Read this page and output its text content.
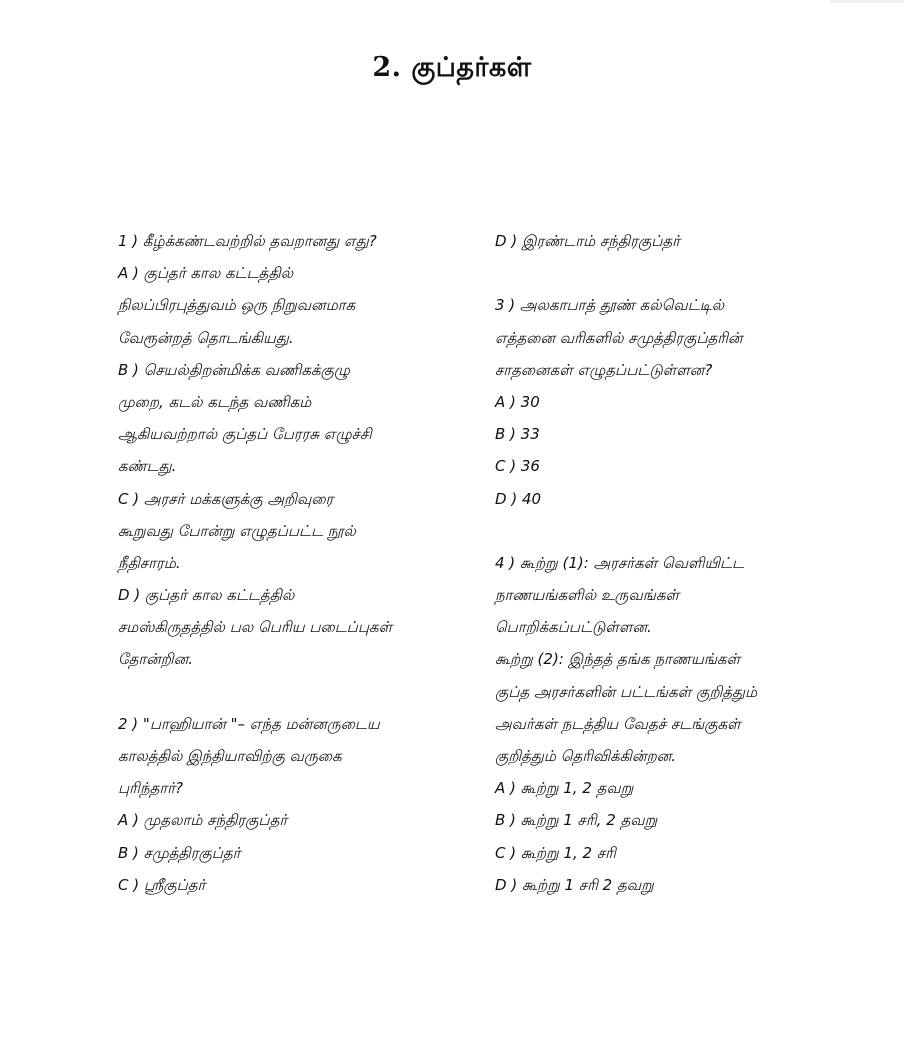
2. குப்தர்கள்
1 ) கீழ்க்கண்டவற்றில் தவறானது எது?
A ) குப்தர் கால கட்டத்தில்
நிலப்பிரபுத்துவம் ஒரு நிறுவனமாக
வேரூன்றத் தொடங்கியது.
B ) செயல்திறன்மிக்க வணிகக்குழு
முறை, கடல் கடந்த வணிகம்
ஆகியவற்றால் குப்தப் பேரரசு எழுச்சி
கண்டது.
C ) அரசர் மக்களுக்கு அறிவுரை
கூறுவது போன்று எழுதப்பட்ட நூல்
நீதிசாரம்.
D ) குப்தர் கால கட்டத்தில்
சமஸ்கிருதத்தில் பல பெரிய படைப்புகள்
தோன்றின.
2 ) "பாஹியான் "– எந்த மன்னருடைய
காலத்தில் இந்தியாவிற்கு வருகை
புரிந்தார்?
A ) முதலாம் சந்திரகுப்தர்
B ) சமுத்திரகுப்தர்
C ) ஸ்ரீகுப்தர்
D ) இரண்டாம் சந்திரகுப்தர்
3 ) அலகாபாத் தூண் கல்வெட்டில்
எத்தனை வரிகளில் சமுத்திரகுப்தரின்
சாதனைகள் எழுதப்பட்டுள்ளன?
A ) 30
B ) 33
C ) 36
D ) 40
4 ) கூற்று (1): அரசர்கள் வெளியிட்ட
நாணயங்களில் உருவங்கள்
பொறிக்கப்பட்டுள்ளன.
கூற்று (2): இந்தத் தங்க நாணயங்கள்
குப்த அரசர்களின் பட்டங்கள் குறித்தும்
அவர்கள் நடத்திய வேதச் சடங்குகள்
குறித்தும் தெரிவிக்கின்றன.
A ) கூற்று 1, 2 தவறு
B ) கூற்று 1 சரி, 2 தவறு
C ) கூற்று 1, 2 சரி
D ) கூற்று 1 சரி 2 தவறு
